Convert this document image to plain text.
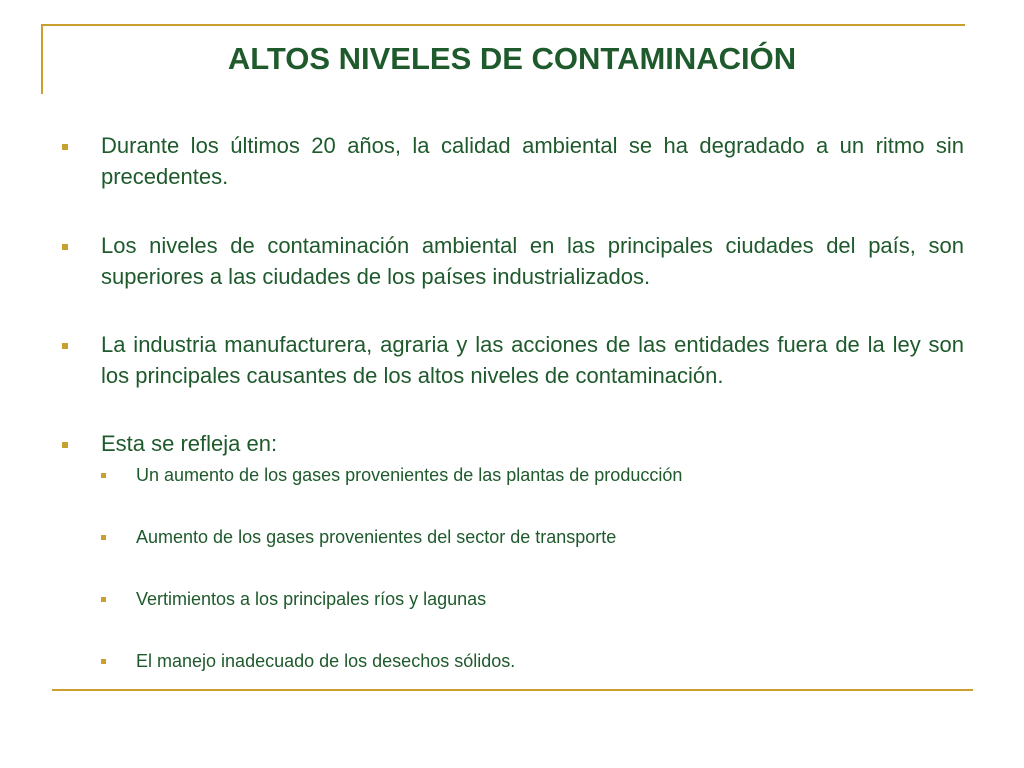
ALTOS NIVELES DE CONTAMINACIÓN
Durante los últimos 20 años, la calidad ambiental se ha degradado a un ritmo sin precedentes.
Los niveles de contaminación ambiental en las principales ciudades del país, son superiores a las ciudades de los países industrializados.
La industria manufacturera, agraria y las acciones de las entidades fuera de la ley son los principales causantes de los altos niveles de contaminación.
Esta se refleja en:
Un aumento de los gases provenientes de las plantas de producción
Aumento de los gases provenientes del sector de transporte
Vertimientos a los principales ríos y lagunas
El manejo inadecuado de los desechos sólidos.
